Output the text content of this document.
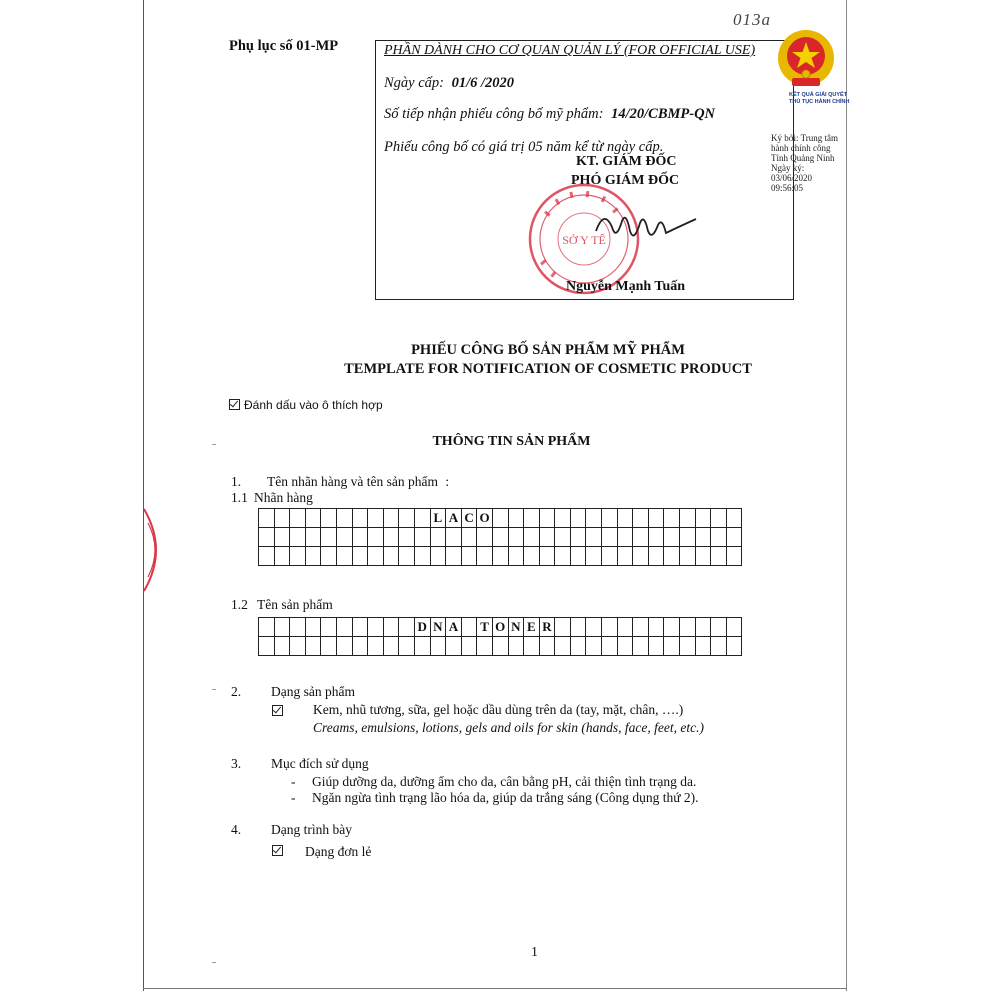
013a
Phụ lục số 01-MP	PHẦN DÀNH CHO CƠ QUAN QUẢN LÝ (FOR OFFICIAL USE)
Ngày cấp: 01/6 /2020
Số tiếp nhận phiếu công bố mỹ phẩm: 14/20/CBMP-QN
Phiếu công bố có giá trị 05 năm kể từ ngày cấp.
KT. GIÁM ĐỐC
PHÓ GIÁM ĐỐC
SỞ Y TẾ
Nguyễn Mạnh Tuấn
KẾT QUẢ GIẢI QUYẾT
THỦ TỤC HÀNH CHÍNH
Ký bởi: Trung tâm
hành chính công
Tỉnh Quảng Ninh
Ngày ký:
03/06/2020
09:56:05
PHIẾU CÔNG BỐ SẢN PHẨM MỸ PHẨM
TEMPLATE FOR NOTIFICATION OF COSMETIC PRODUCT
Đánh dấu vào ô thích hợp
THÔNG TIN SẢN PHẨM
1. Tên nhãn hàng và tên sản phẩm :
1.1 Nhãn hàng
											L	A	C	O																

1.2 Tên sản phẩm
										D	N	A		T	O	N	E	R												

2. Dạng sản phẩm
Kem, nhũ tương, sữa, gel hoặc dầu dùng trên da (tay, mặt, chân, ….)
Creams, emulsions, lotions, gels and oils for skin (hands, face, feet, etc.)
3. Mục đích sử dụng
- Giúp dưỡng da, dưỡng ẩm cho da, cân bằng pH, cải thiện tình trạng da.
- Ngăn ngừa tình trạng lão hóa da, giúp da trắng sáng (Công dụng thứ 2).
4. Dạng trình bày
Dạng đơn lẻ
1
